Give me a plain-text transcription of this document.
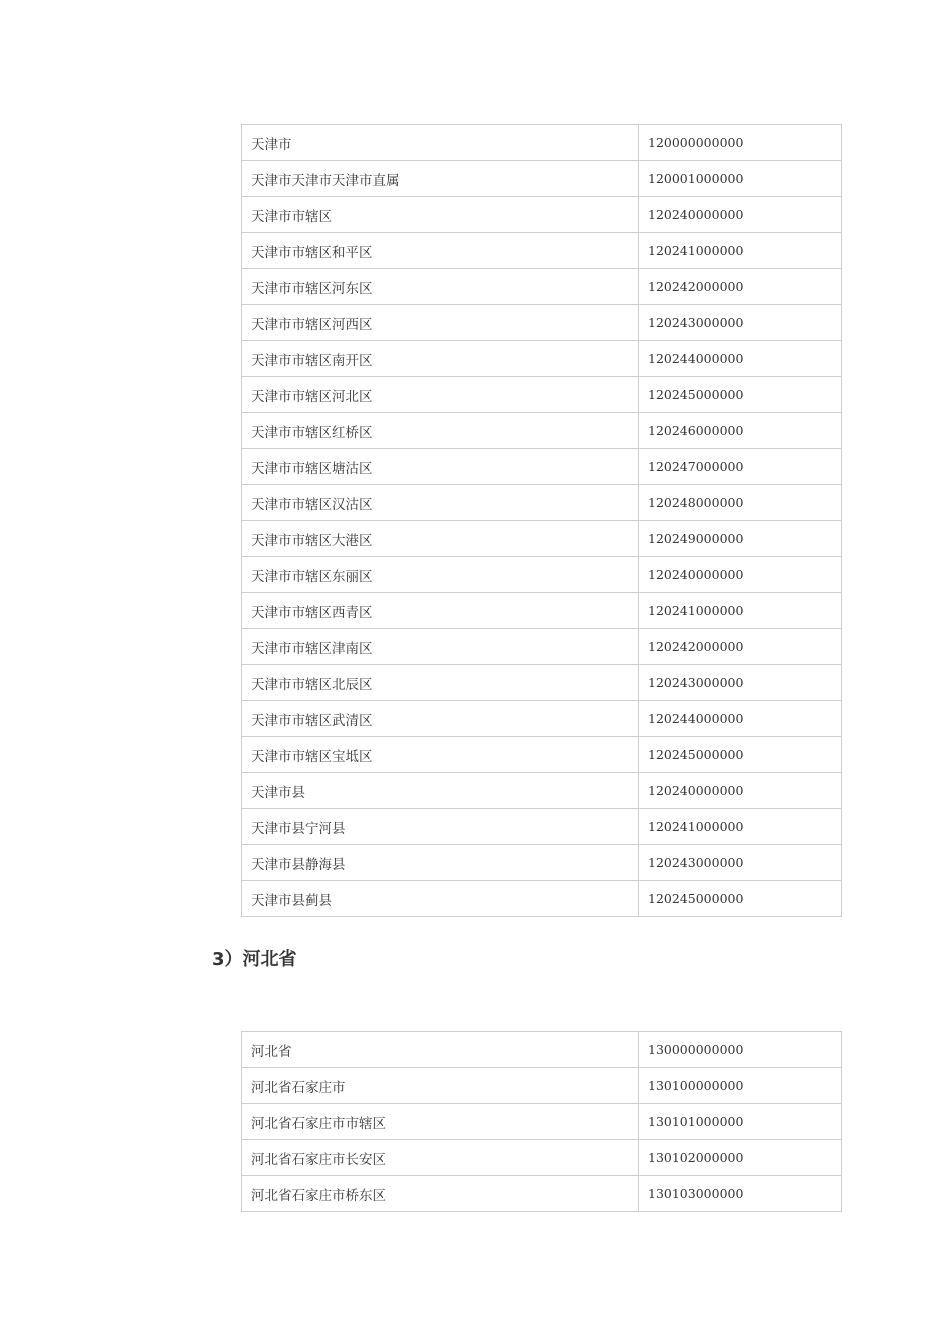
天津市	120000000000
天津市天津市天津市直属	120001000000
天津市市辖区	120240000000
天津市市辖区和平区	120241000000
天津市市辖区河东区	120242000000
天津市市辖区河西区	120243000000
天津市市辖区南开区	120244000000
天津市市辖区河北区	120245000000
天津市市辖区红桥区	120246000000
天津市市辖区塘沽区	120247000000
天津市市辖区汉沽区	120248000000
天津市市辖区大港区	120249000000
天津市市辖区东丽区	120240000000
天津市市辖区西青区	120241000000
天津市市辖区津南区	120242000000
天津市市辖区北辰区	120243000000
天津市市辖区武清区	120244000000
天津市市辖区宝坻区	120245000000
天津市县	120240000000
天津市县宁河县	120241000000
天津市县静海县	120243000000
天津市县蓟县	120245000000
3）河北省
河北省	130000000000
河北省石家庄市	130100000000
河北省石家庄市市辖区	130101000000
河北省石家庄市长安区	130102000000
河北省石家庄市桥东区	130103000000
